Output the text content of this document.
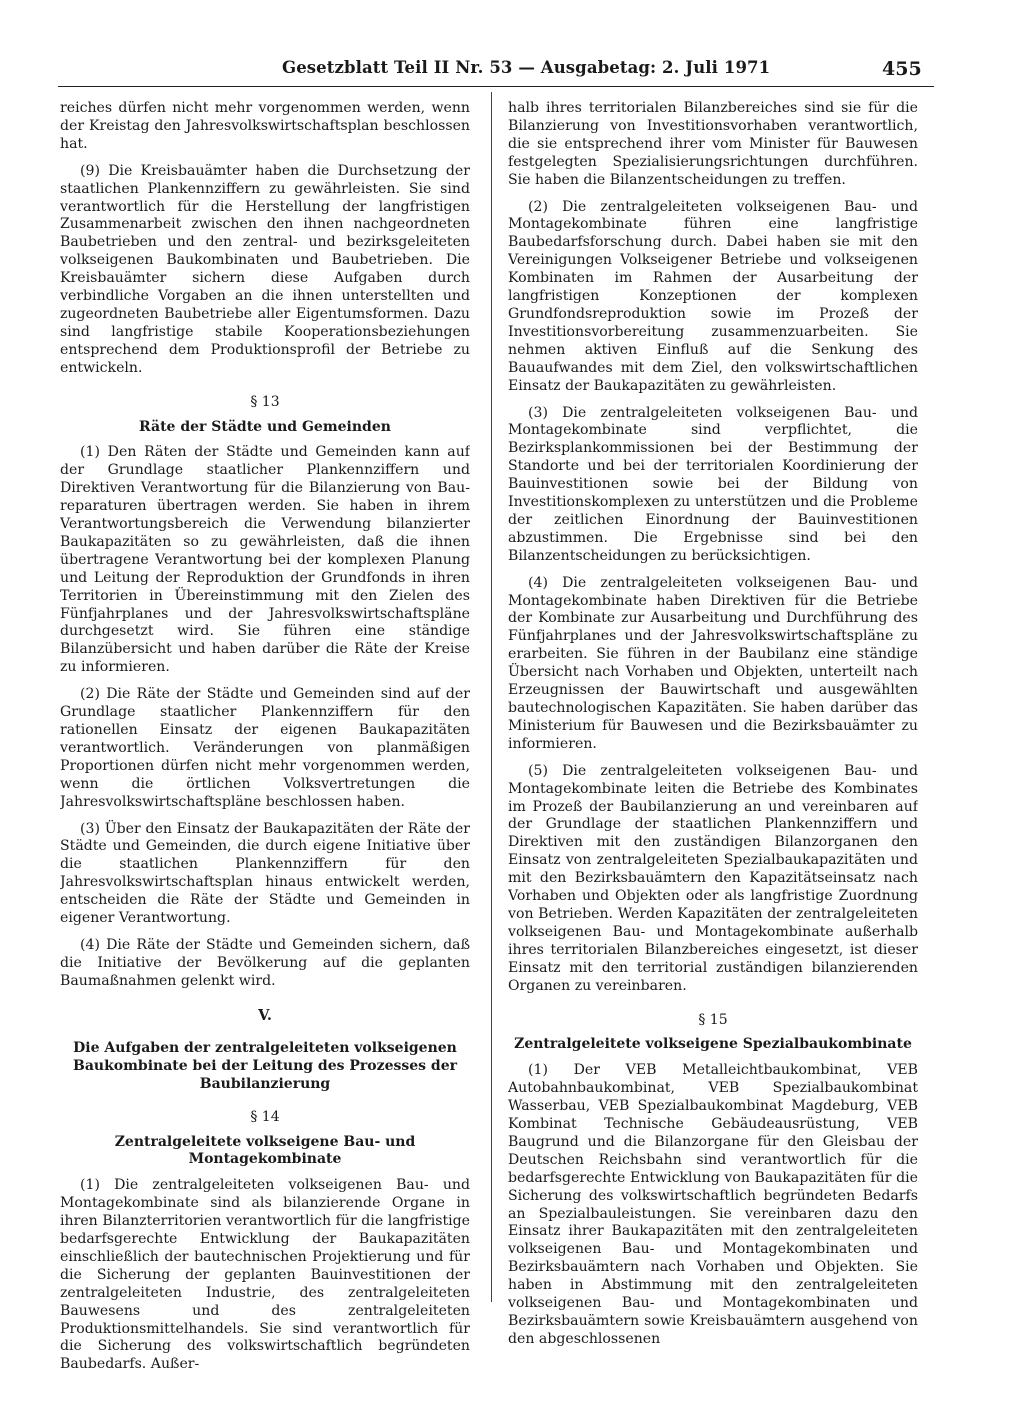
Gesetzblatt Teil II Nr. 53 — Ausgabetag: 2. Juli 1971	455

reiches dürfen nicht mehr vorgenommen werden, wenn der Kreistag den Jahresvolkswirtschaftsplan beschlossen hat.

(9) Die Kreisbauämter haben die Durchsetzung der staatlichen Plankennziffern zu gewährleisten. Sie sind verantwortlich für die Herstellung der langfristigen Zusammenarbeit zwischen den ihnen nachgeordneten Baubetrieben und den zentral- und bezirksgeleiteten volkseigenen Baukombinaten und Baubetrieben. Die Kreisbauämter sichern diese Aufgaben durch verbindliche Vorgaben an die ihnen unterstellten und zugeordneten Baubetriebe aller Eigentumsformen. Dazu sind langfristige stabile Kooperationsbeziehungen entsprechend dem Produktionsprofil der Betriebe zu entwickeln.

§ 13
Räte der Städte und Gemeinden

(1) Den Räten der Städte und Gemeinden kann auf der Grundlage staatlicher Plankennziffern und Direktiven Verantwortung für die Bilanzierung von Bau-reparaturen übertragen werden. Sie haben in ihrem Verantwortungsbereich die Verwendung bilanzierter Baukapazitäten so zu gewährleisten, daß die ihnen übertragene Verantwortung bei der komplexen Planung und Leitung der Reproduktion der Grundfonds in ihren Territorien in Übereinstimmung mit den Zielen des Fünfjahrplanes und der Jahresvolkswirtschaftspläne durchgesetzt wird. Sie führen eine ständige Bilanzübersicht und haben darüber die Räte der Kreise zu informieren.

(2) Die Räte der Städte und Gemeinden sind auf der Grundlage staatlicher Plankennziffern für den rationellen Einsatz der eigenen Baukapazitäten verantwortlich. Veränderungen von planmäßigen Proportionen dürfen nicht mehr vorgenommen werden, wenn die örtlichen Volksvertretungen die Jahresvolkswirtschaftspläne beschlossen haben.

(3) Über den Einsatz der Baukapazitäten der Räte der Städte und Gemeinden, die durch eigene Initiative über die staatlichen Plankennziffern für den Jahresvolkswirtschaftsplan hinaus entwickelt werden, entscheiden die Räte der Städte und Gemeinden in eigener Verantwortung.

(4) Die Räte der Städte und Gemeinden sichern, daß die Initiative der Bevölkerung auf die geplanten Baumaßnahmen gelenkt wird.

V.
Die Aufgaben der zentralgeleiteten volkseigenen Baukombinate bei der Leitung des Prozesses der Baubilanzierung
§ 14
Zentralgeleitete volkseigene Bau- und Montagekombinate

(1) Die zentralgeleiteten volkseigenen Bau- und Montagekombinate sind als bilanzierende Organe in ihren Bilanzterritorien verantwortlich für die langfristige bedarfsgerechte Entwicklung der Baukapazitäten einschließlich der bautechnischen Projektierung und für die Sicherung der geplanten Bauinvestitionen der zentralgeleiteten Industrie, des zentralgeleiteten Bauwesens und des zentralgeleiteten Produktionsmittelhandels. Sie sind verantwortlich für die Sicherung des volkswirtschaftlich begründeten Baubedarfs. Außer-

halb ihres territorialen Bilanzbereiches sind sie für die Bilanzierung von Investitionsvorhaben verantwortlich, die sie entsprechend ihrer vom Minister für Bauwesen festgelegten Spezialisierungsrichtungen durchführen. Sie haben die Bilanzentscheidungen zu treffen.

(2) Die zentralgeleiteten volkseigenen Bau- und Montagekombinate führen eine langfristige Baubedarfsforschung durch. Dabei haben sie mit den Vereinigungen Volkseigener Betriebe und volkseigenen Kombinaten im Rahmen der Ausarbeitung der langfristigen Konzeptionen der komplexen Grundfondsreproduktion sowie im Prozeß der Investitionsvorbereitung zusammenzuarbeiten. Sie nehmen aktiven Einfluß auf die Senkung des Bauaufwandes mit dem Ziel, den volkswirtschaftlichen Einsatz der Baukapazitäten zu gewährleisten.

(3) Die zentralgeleiteten volkseigenen Bau- und Montagekombinate sind verpflichtet, die Bezirksplankommissionen bei der Bestimmung der Standorte und bei der territorialen Koordinierung der Bauinvestitionen sowie bei der Bildung von Investitionskomplexen zu unterstützen und die Probleme der zeitlichen Einordnung der Bauinvestitionen abzustimmen. Die Ergebnisse sind bei den Bilanzentscheidungen zu berücksichtigen.

(4) Die zentralgeleiteten volkseigenen Bau- und Montagekombinate haben Direktiven für die Betriebe der Kombinate zur Ausarbeitung und Durchführung des Fünfjahrplanes und der Jahresvolkswirtschaftspläne zu erarbeiten. Sie führen in der Baubilanz eine ständige Übersicht nach Vorhaben und Objekten, unterteilt nach Erzeugnissen der Bauwirtschaft und ausgewählten bautechnologischen Kapazitäten. Sie haben darüber das Ministerium für Bauwesen und die Bezirksbauämter zu informieren.

(5) Die zentralgeleiteten volkseigenen Bau- und Montagekombinate leiten die Betriebe des Kombinates im Prozeß der Baubilanzierung an und vereinbaren auf der Grundlage der staatlichen Plankennziffern und Direktiven mit den zuständigen Bilanzorganen den Einsatz von zentralgeleiteten Spezialbaukapazitäten und mit den Bezirksbauämtern den Kapazitätseinsatz nach Vorhaben und Objekten oder als langfristige Zuordnung von Betrieben. Werden Kapazitäten der zentralgeleiteten volkseigenen Bau- und Montagekombinate außerhalb ihres territorialen Bilanzbereiches eingesetzt, ist dieser Einsatz mit den territorial zuständigen bilanzierenden Organen zu vereinbaren.

§ 15
Zentralgeleitete volkseigene Spezialbaukombinate

(1) Der VEB Metalleichtbaukombinat, VEB Autobahnbaukombinat, VEB Spezialbaukombinat Wasserbau, VEB Spezialbaukombinat Magdeburg, VEB Kombinat Technische Gebäudeausrüstung, VEB Baugrund und die Bilanzorgane für den Gleisbau der Deutschen Reichsbahn sind verantwortlich für die bedarfsgerechte Entwicklung von Baukapazitäten für die Sicherung des volkswirtschaftlich begründeten Bedarfs an Spezialbauleistungen. Sie vereinbaren dazu den Einsatz ihrer Baukapazitäten mit den zentralgeleiteten volkseigenen Bau- und Montagekombinaten und Bezirksbauämtern nach Vorhaben und Objekten. Sie haben in Abstimmung mit den zentralgeleiteten volkseigenen Bau- und Montagekombinaten und Bezirksbauämtern sowie Kreisbauämtern ausgehend von den abgeschlossenen
